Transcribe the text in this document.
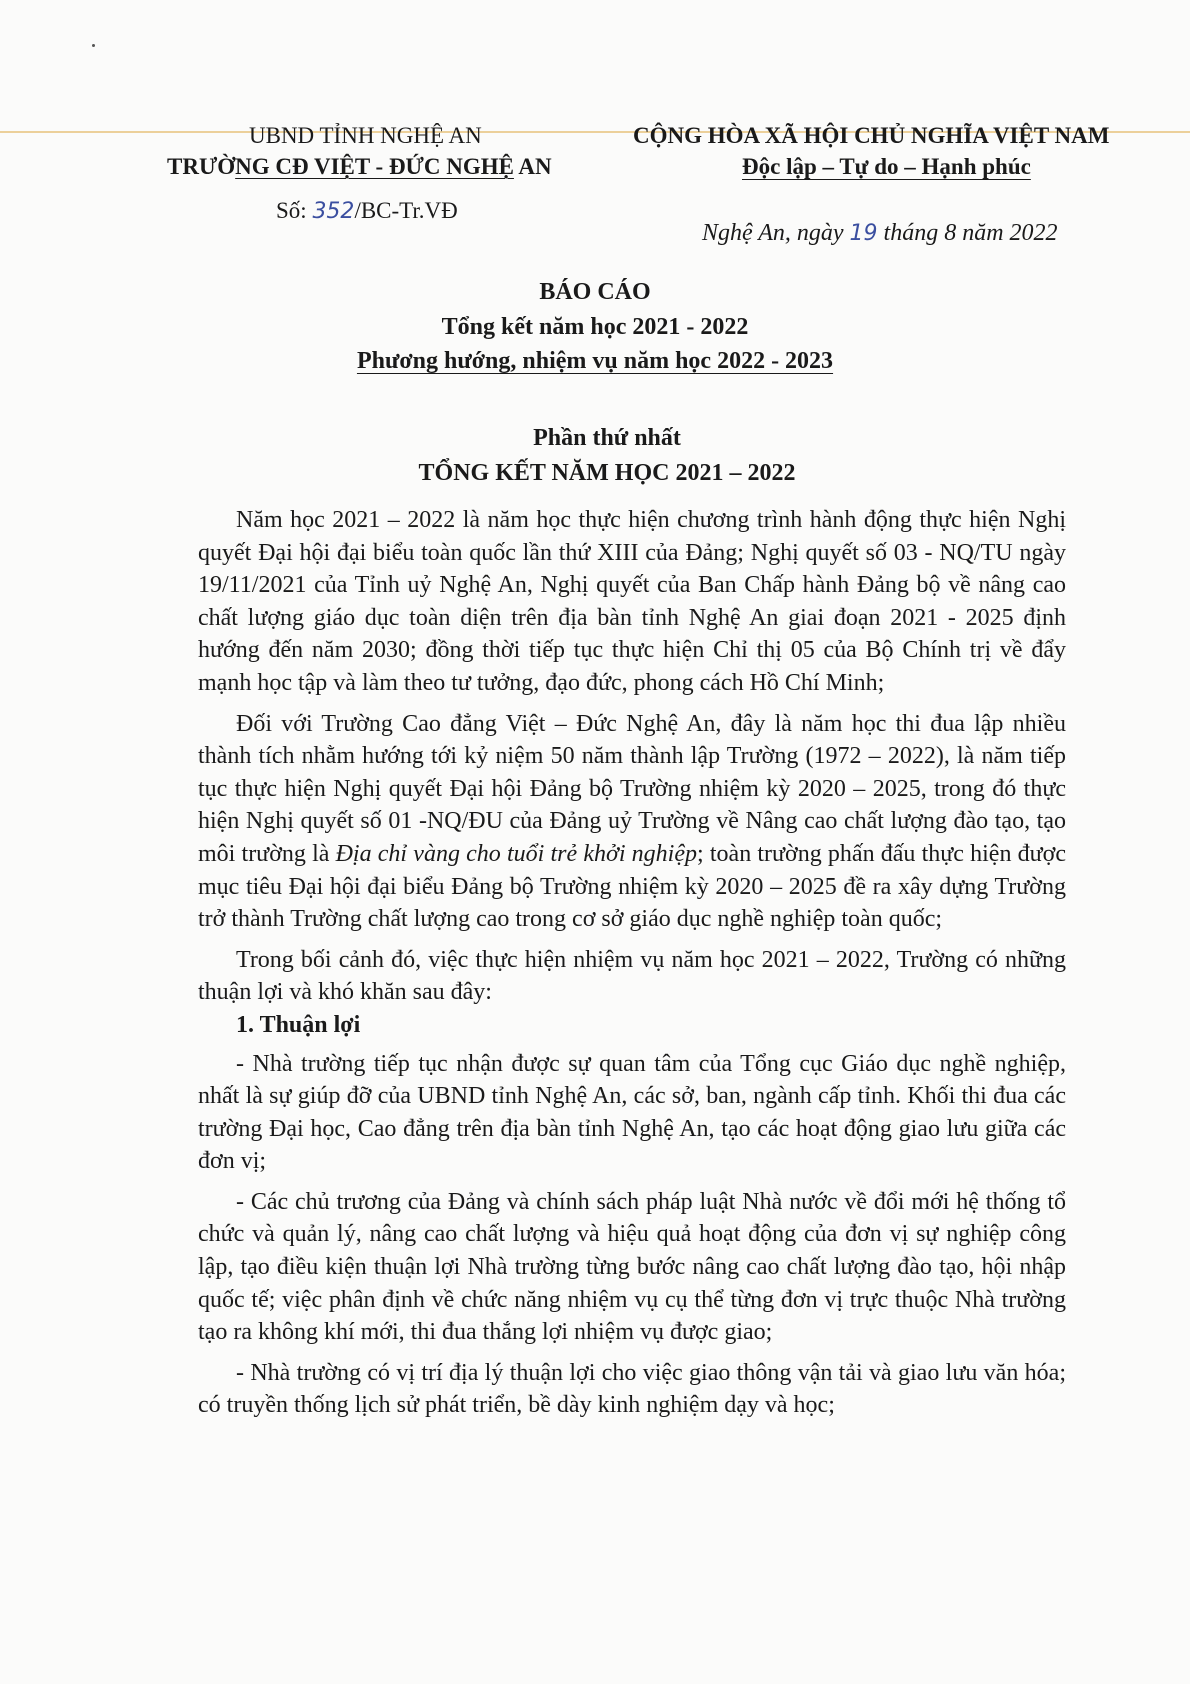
UBND TỈNH NGHỆ AN
TRƯỜNG CĐ VIỆT - ĐỨC NGHỆ AN
Số: 352/BC-Tr.VĐ
CỘNG HÒA XÃ HỘI CHỦ NGHĨA VIỆT NAM
Độc lập – Tự do – Hạnh phúc
Nghệ An, ngày 19 tháng 8 năm 2022
BÁO CÁO
Tổng kết năm học 2021 - 2022
Phương hướng, nhiệm vụ năm học 2022 - 2023
Phần thứ nhất
TỔNG KẾT NĂM HỌC 2021 – 2022

Năm học 2021 – 2022 là năm học thực hiện chương trình hành động thực hiện Nghị quyết Đại hội đại biểu toàn quốc lần thứ XIII của Đảng; Nghị quyết số 03 - NQ/TU ngày 19/11/2021 của Tỉnh uỷ Nghệ An, Nghị quyết của Ban Chấp hành Đảng bộ về nâng cao chất lượng giáo dục toàn diện trên địa bàn tỉnh Nghệ An giai đoạn 2021 - 2025 định hướng đến năm 2030; đồng thời tiếp tục thực hiện Chỉ thị 05 của Bộ Chính trị về đẩy mạnh học tập và làm theo tư tưởng, đạo đức, phong cách Hồ Chí Minh;

Đối với Trường Cao đẳng Việt – Đức Nghệ An, đây là năm học thi đua lập nhiều thành tích nhằm hướng tới kỷ niệm 50 năm thành lập Trường (1972 – 2022), là năm tiếp tục thực hiện Nghị quyết Đại hội Đảng bộ Trường nhiệm kỳ 2020 – 2025, trong đó thực hiện Nghị quyết số 01 -NQ/ĐU của Đảng uỷ Trường về Nâng cao chất lượng đào tạo, tạo môi trường là Địa chỉ vàng cho tuổi trẻ khởi nghiệp; toàn trường phấn đấu thực hiện được mục tiêu Đại hội đại biểu Đảng bộ Trường nhiệm kỳ 2020 – 2025 đề ra xây dựng Trường trở thành Trường chất lượng cao trong cơ sở giáo dục nghề nghiệp toàn quốc;

Trong bối cảnh đó, việc thực hiện nhiệm vụ năm học 2021 – 2022, Trường có những thuận lợi và khó khăn sau đây:

1. Thuận lợi

- Nhà trường tiếp tục nhận được sự quan tâm của Tổng cục Giáo dục nghề nghiệp, nhất là sự giúp đỡ của UBND tỉnh Nghệ An, các sở, ban, ngành cấp tỉnh. Khối thi đua các trường Đại học, Cao đẳng trên địa bàn tỉnh Nghệ An, tạo các hoạt động giao lưu giữa các đơn vị;

- Các chủ trương của Đảng và chính sách pháp luật Nhà nước về đổi mới hệ thống tổ chức và quản lý, nâng cao chất lượng và hiệu quả hoạt động của đơn vị sự nghiệp công lập, tạo điều kiện thuận lợi Nhà trường từng bước nâng cao chất lượng đào tạo, hội nhập quốc tế; việc phân định về chức năng nhiệm vụ cụ thể từng đơn vị trực thuộc Nhà trường tạo ra không khí mới, thi đua thắng lợi nhiệm vụ được giao;

- Nhà trường có vị trí địa lý thuận lợi cho việc giao thông vận tải và giao lưu văn hóa; có truyền thống lịch sử phát triển, bề dày kinh nghiệm dạy và học;
